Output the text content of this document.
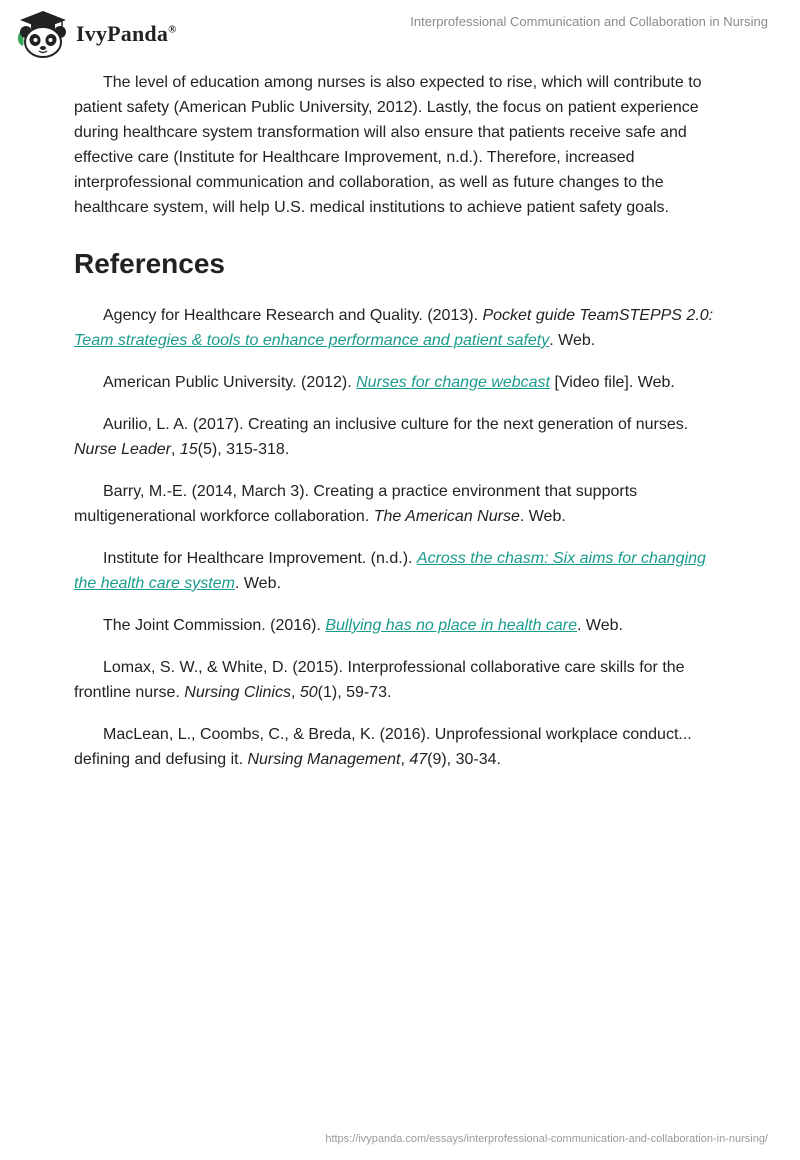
IvyPanda®
Interprofessional Communication and Collaboration in Nursing

The level of education among nurses is also expected to rise, which will contribute to patient safety (American Public University, 2012). Lastly, the focus on patient experience during healthcare system transformation will also ensure that patients receive safe and effective care (Institute for Healthcare Improvement, n.d.). Therefore, increased interprofessional communication and collaboration, as well as future changes to the healthcare system, will help U.S. medical institutions to achieve patient safety goals.

References

Agency for Healthcare Research and Quality. (2013). Pocket guide TeamSTEPPS 2.0: Team strategies & tools to enhance performance and patient safety. Web.

American Public University. (2012). Nurses for change webcast [Video file]. Web.

Aurilio, L. A. (2017). Creating an inclusive culture for the next generation of nurses. Nurse Leader, 15(5), 315-318.

Barry, M.-E. (2014, March 3). Creating a practice environment that supports multigenerational workforce collaboration. The American Nurse. Web.

Institute for Healthcare Improvement. (n.d.). Across the chasm: Six aims for changing the health care system. Web.

The Joint Commission. (2016). Bullying has no place in health care. Web.

Lomax, S. W., & White, D. (2015). Interprofessional collaborative care skills for the frontline nurse. Nursing Clinics, 50(1), 59-73.

MacLean, L., Coombs, C., & Breda, K. (2016). Unprofessional workplace conduct... defining and defusing it. Nursing Management, 47(9), 30-34.

https://ivypanda.com/essays/interprofessional-communication-and-collaboration-in-nursing/
